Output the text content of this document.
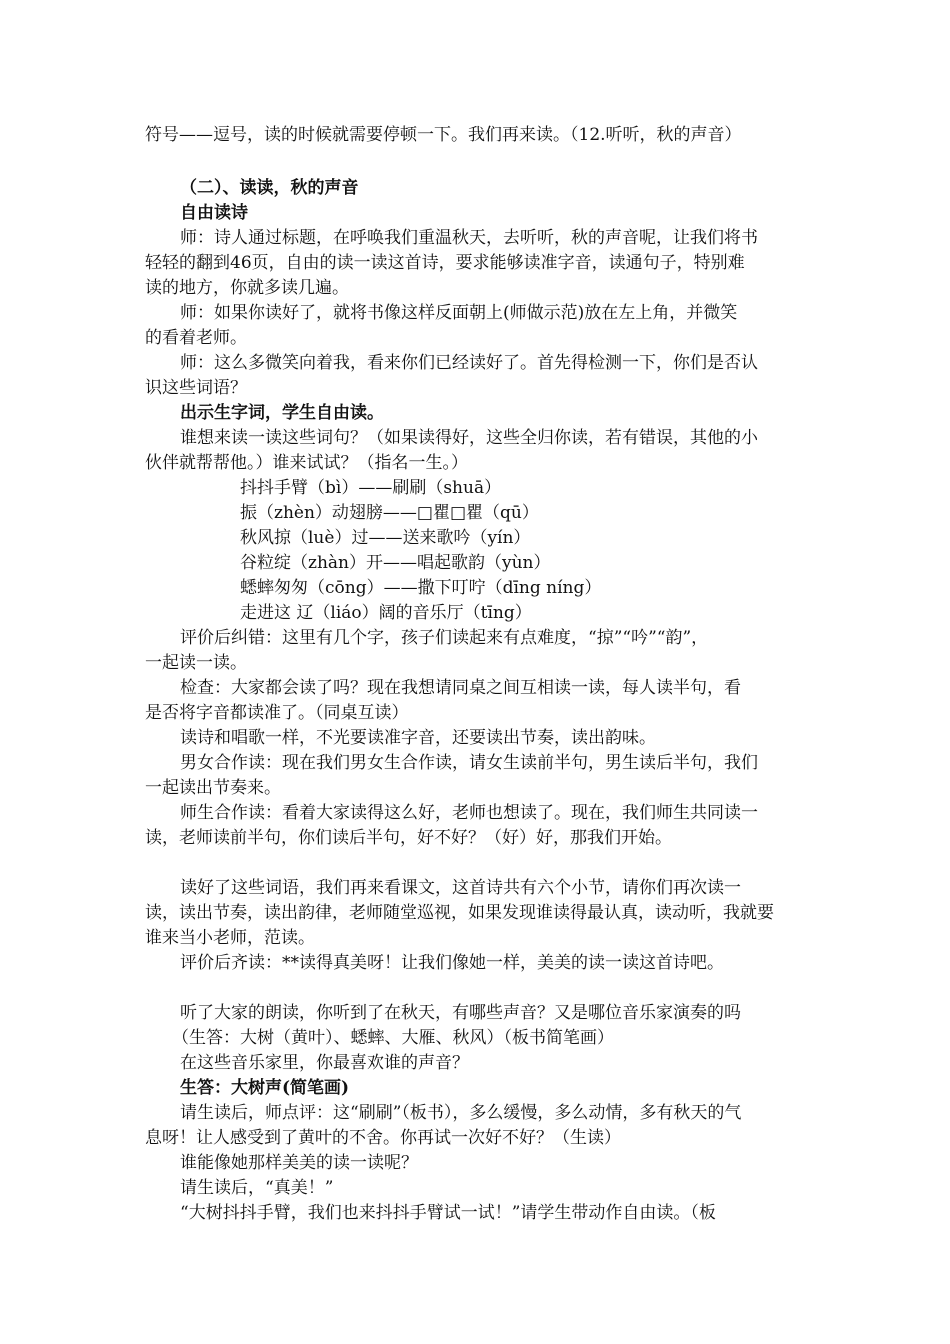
符号——逗号，读的时候就需要停顿一下。我们再来读。（12.听听，秋的声音）
（二）、读读，秋的声音
自由读诗
师：诗人通过标题，在呼唤我们重温秋天，去听听，秋的声音呢，让我们将书
轻轻的翻到46页，自由的读一读这首诗，要求能够读准字音，读通句子，特别难
读的地方，你就多读几遍。
师：如果你读好了，就将书像这样反面朝上(师做示范)放在左上角，并微笑
的看着老师。
师：这么多微笑向着我，看来你们已经读好了。首先得检测一下，你们是否认
识这些词语？
出示生字词，学生自由读。
谁想来读一读这些词句？（如果读得好，这些全归你读，若有错误，其他的小
伙伴就帮帮他。）谁来试试？（指名一生。）
抖抖手臂（bì）——刷刷（shuā）
振（zhèn）动翅膀——□瞿□瞿（qū）
秋风掠（luè）过——送来歌吟（yín）
谷粒绽（zhàn）开——唱起歌韵（yùn）
蟋蟀匆匆（cōng）——撒下叮咛（dīng níng）
走进这 辽（liáo）阔的音乐厅（tīng）
评价后纠错：这里有几个字，孩子们读起来有点难度，“掠”“吟”“韵”，
一起读一读。
检查：大家都会读了吗？现在我想请同桌之间互相读一读，每人读半句，看
是否将字音都读准了。（同桌互读）
读诗和唱歌一样，不光要读准字音，还要读出节奏，读出韵味。
男女合作读：现在我们男女生合作读，请女生读前半句，男生读后半句，我们
一起读出节奏来。
师生合作读：看着大家读得这么好，老师也想读了。现在，我们师生共同读一
读，老师读前半句，你们读后半句，好不好？（好）好，那我们开始。
读好了这些词语，我们再来看课文，这首诗共有六个小节，请你们再次读一
读，读出节奏，读出韵律，老师随堂巡视，如果发现谁读得最认真，读动听，我就要
谁来当小老师，范读。
评价后齐读：**读得真美呀！让我们像她一样，美美的读一读这首诗吧。
听了大家的朗读，你听到了在秋天，有哪些声音？又是哪位音乐家演奏的吗
（生答：大树（黄叶）、蟋蟀、大雁、秋风）（板书简笔画）
在这些音乐家里，你最喜欢谁的声音？
生答：大树声(简笔画)
请生读后，师点评：这“刷刷”（板书），多么缓慢，多么动情，多有秋天的气
息呀！让人感受到了黄叶的不舍。你再试一次好不好？（生读）
谁能像她那样美美的读一读呢？
请生读后，“真美！”
“大树抖抖手臂，我们也来抖抖手臂试一试！”请学生带动作自由读。（板
